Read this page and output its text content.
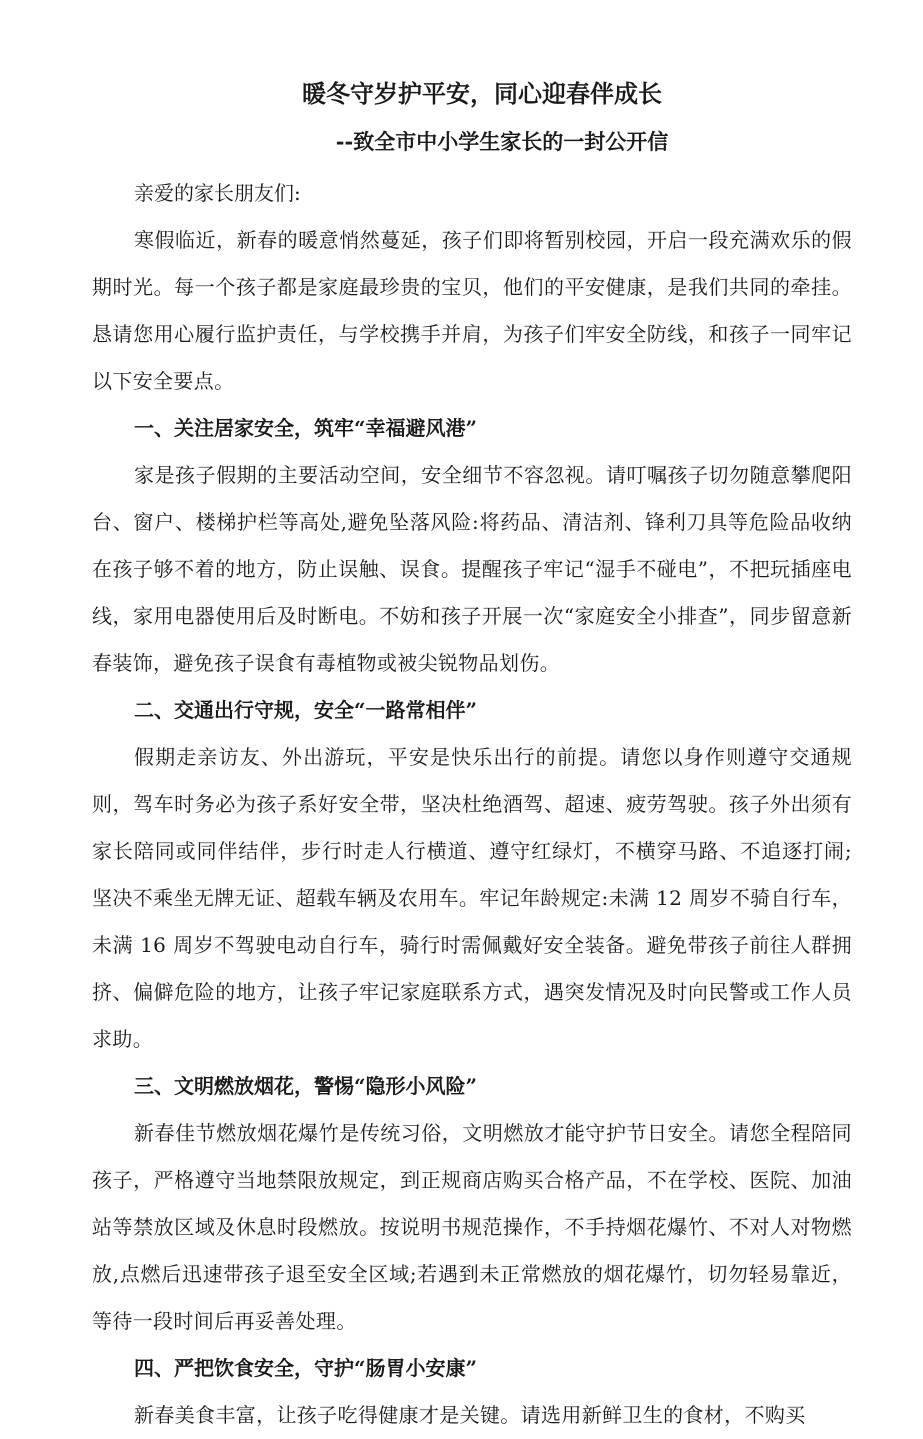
暖冬守岁护平安，同心迎春伴成长
--致全市中小学生家长的一封公开信
亲爱的家长朋友们:

寒假临近，新春的暖意悄然蔓延，孩子们即将暂别校园，开启一段充满欢乐的假期时光。每一个孩子都是家庭最珍贵的宝贝，他们的平安健康，是我们共同的牵挂。恳请您用心履行监护责任，与学校携手并肩，为孩子们牢安全防线，和孩子一同牢记以下安全要点。

一、关注居家安全，筑牢“幸福避风港”

家是孩子假期的主要活动空间，安全细节不容忽视。请叮嘱孩子切勿随意攀爬阳台、窗户、楼梯护栏等高处,避免坠落风险:将药品、清洁剂、锋利刀具等危险品收纳在孩子够不着的地方，防止误触、误食。提醒孩子牢记“湿手不碰电”，不把玩插座电线，家用电器使用后及时断电。不妨和孩子开展一次“家庭安全小排查”，同步留意新春装饰，避免孩子误食有毒植物或被尖锐物品划伤。

二、交通出行守规，安全“一路常相伴”

假期走亲访友、外出游玩，平安是快乐出行的前提。请您以身作则遵守交通规则，驾车时务必为孩子系好安全带，坚决杜绝酒驾、超速、疲劳驾驶。孩子外出须有家长陪同或同伴结伴，步行时走人行横道、遵守红绿灯，不横穿马路、不追逐打闹;坚决不乘坐无牌无证、超载车辆及农用车。牢记年龄规定:未满 12 周岁不骑自行车，未满 16 周岁不驾驶电动自行车，骑行时需佩戴好安全装备。避免带孩子前往人群拥挤、偏僻危险的地方，让孩子牢记家庭联系方式，遇突发情况及时向民警或工作人员求助。

三、文明燃放烟花，警惕“隐形小风险”

新春佳节燃放烟花爆竹是传统习俗，文明燃放才能守护节日安全。请您全程陪同孩子，严格遵守当地禁限放规定，到正规商店购买合格产品，不在学校、医院、加油站等禁放区域及休息时段燃放。按说明书规范操作，不手持烟花爆竹、不对人对物燃放,点燃后迅速带孩子退至安全区域;若遇到未正常燃放的烟花爆竹，切勿轻易靠近，等待一段时间后再妥善处理。

四、严把饮食安全，守护“肠胃小安康”

新春美食丰富，让孩子吃得健康才是关键。请选用新鲜卫生的食材，不购买
